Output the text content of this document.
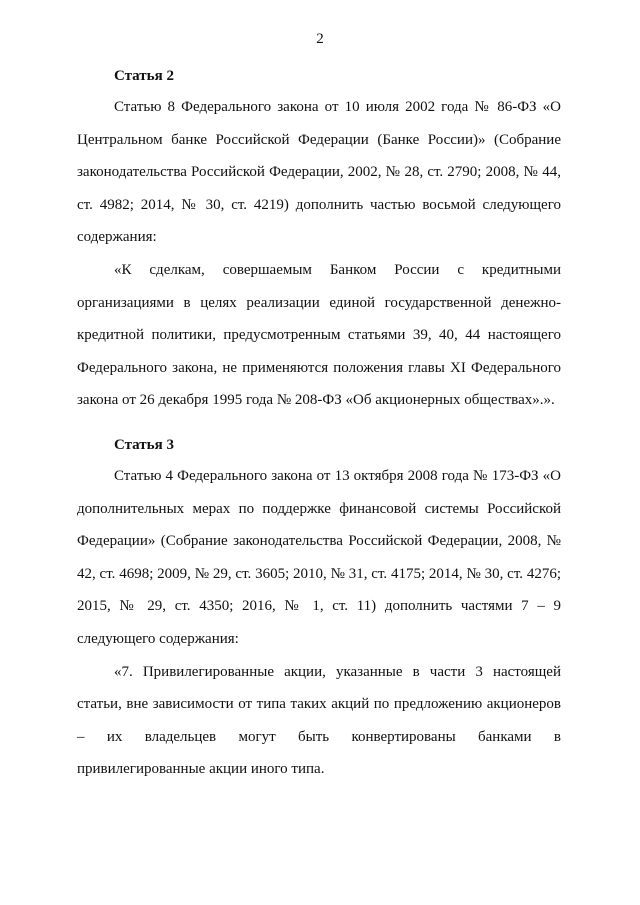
2
Статья 2

Статью 8 Федерального закона от 10 июля 2002 года № 86-ФЗ «О Центральном банке Российской Федерации (Банке России)» (Собрание законодательства Российской Федерации, 2002, № 28, ст. 2790; 2008, № 44, ст. 4982; 2014, № 30, ст. 4219) дополнить частью восьмой следующего содержания:

«К сделкам, совершаемым Банком России с кредитными организациями в целях реализации единой государственной денежно-кредитной политики, предусмотренным статьями 39, 40, 44 настоящего Федерального закона, не применяются положения главы XI Федерального закона от 26 декабря 1995 года № 208-ФЗ «Об акционерных обществах».».

Статья 3

Статью 4 Федерального закона от 13 октября 2008 года № 173-ФЗ «О дополнительных мерах по поддержке финансовой системы Российской Федерации» (Собрание законодательства Российской Федерации, 2008, № 42, ст. 4698; 2009, № 29, ст. 3605; 2010, № 31, ст. 4175; 2014, № 30, ст. 4276; 2015, № 29, ст. 4350; 2016, № 1, ст. 11) дополнить частями 7 – 9 следующего содержания:

«7. Привилегированные акции, указанные в части 3 настоящей статьи, вне зависимости от типа таких акций по предложению акционеров – их владельцев могут быть конвертированы банками в привилегированные акции иного типа.
